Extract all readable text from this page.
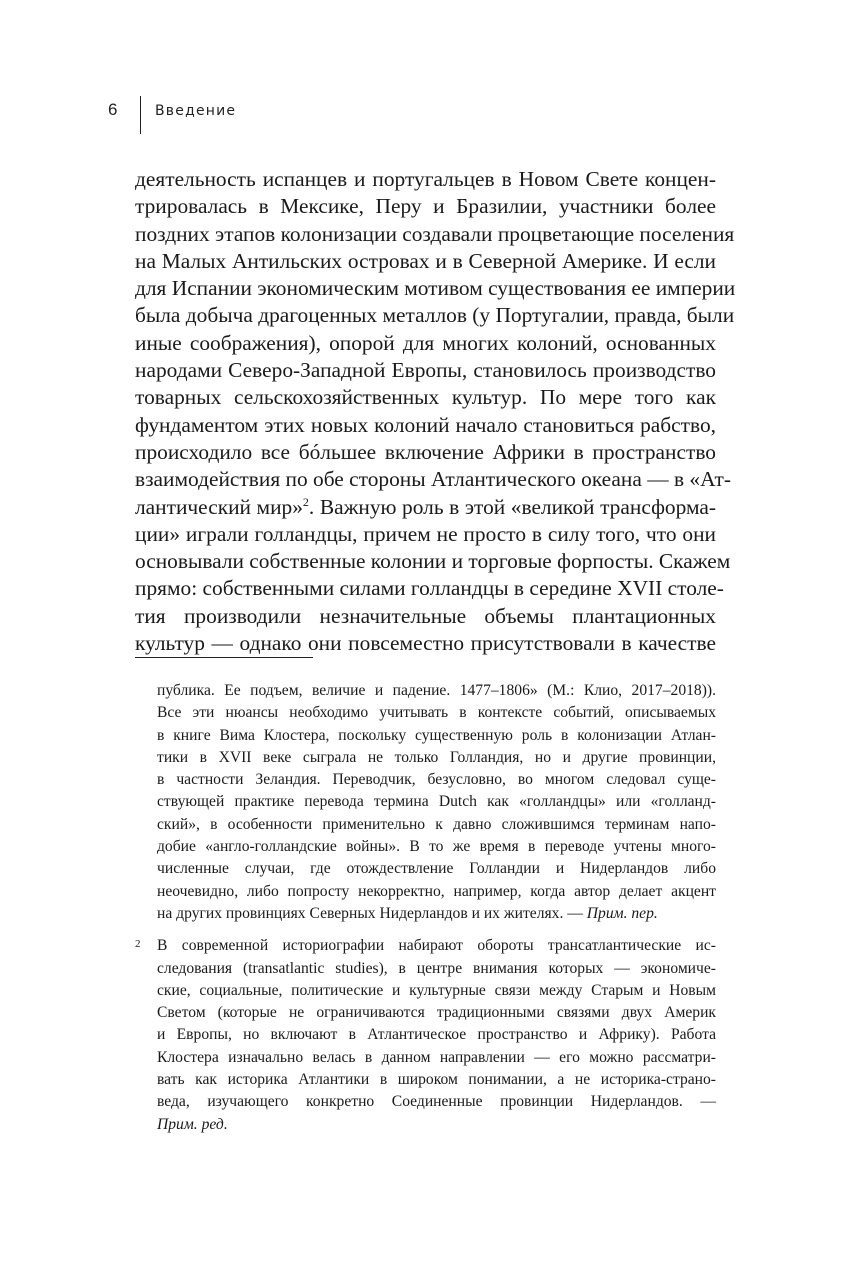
6	Введение
деятельность испанцев и португальцев в Новом Свете концен-
трировалась в Мексике, Перу и Бразилии, участники более
поздних этапов колонизации создавали процветающие поселения
на Малых Антильских островах и в Северной Америке. И если
для Испании экономическим мотивом существования ее империи
была добыча драгоценных металлов (у Португалии, правда, были
иные соображения), опорой для многих колоний, основанных
народами Северо-Западной Европы, становилось производство
товарных сельскохозяйственных культур. По мере того как
фундаментом этих новых колоний начало становиться рабство,
происходило все бóльшее включение Африки в пространство
взаимодействия по обе стороны Атлантического океана — в «Ат-
лантический мир»$^2$. Важную роль в этой «великой трансформа-
ции» играли голландцы, причем не просто в силу того, что они
основывали собственные колонии и торговые форпосты. Скажем
прямо: собственными силами голландцы в середине XVII столе-
тия производили незначительные объемы плантационных
культур — однако они повсеместно присутствовали в качестве
публика. Ее подъем, величие и падение. 1477–1806» (М.: Клио, 2017–2018)).
Все эти нюансы необходимо учитывать в контексте событий, описываемых
в книге Вима Клостера, поскольку существенную роль в колонизации Атлан-
тики в XVII веке сыграла не только Голландия, но и другие провинции,
в частности Зеландия. Переводчик, безусловно, во многом следовал суще-
ствующей практике перевода термина Dutch как «голландцы» или «голланд-
ский», в особенности применительно к давно сложившимся терминам напо-
добие «англо-голландские войны». В то же время в переводе учтены много-
численные случаи, где отождествление Голландии и Нидерландов либо
неочевидно, либо попросту некорректно, например, когда автор делает акцент
на других провинциях Северных Нидерландов и их жителях. — Прим. пер.
2 В современной историографии набирают обороты трансатлантические ис-
следования (transatlantic studies), в центре внимания которых — экономиче-
ские, социальные, политические и культурные связи между Старым и Новым
Светом (которые не ограничиваются традиционными связями двух Америк
и Европы, но включают в Атлантическое пространство и Африку). Работа
Клостера изначально велась в данном направлении — его можно рассматри-
вать как историка Атлантики в широком понимании, а не историка-страно-
веда, изучающего конкретно Соединенные провинции Нидерландов. —
Прим. ред.
